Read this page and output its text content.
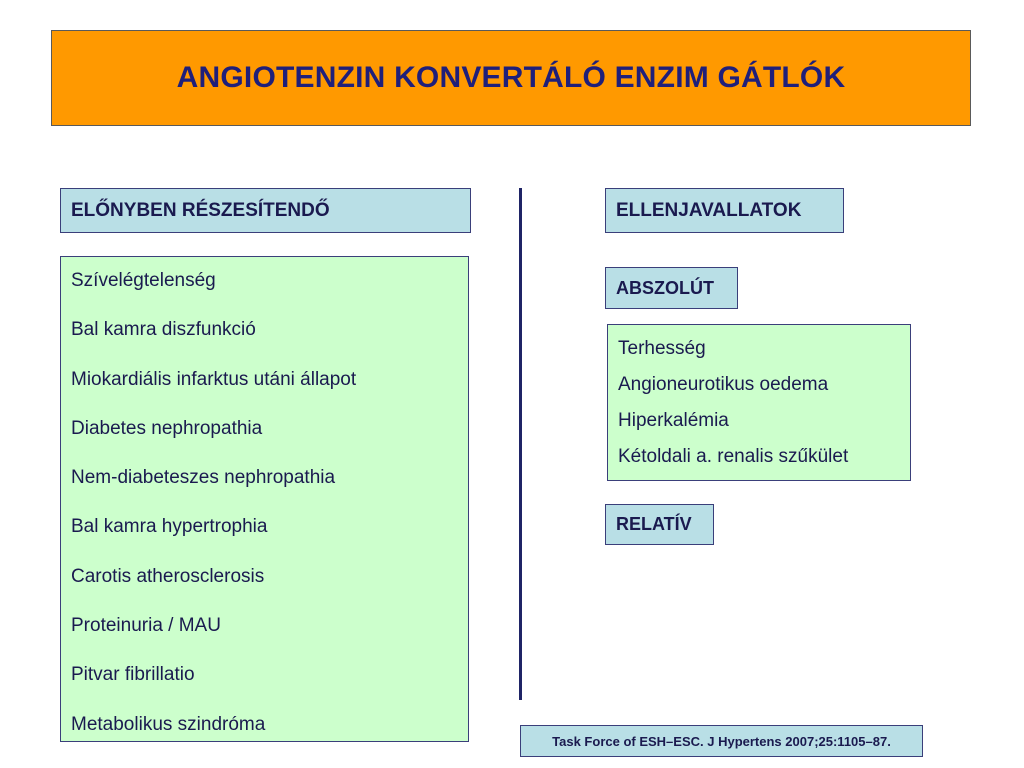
ANGIOTENZIN KONVERTÁLÓ ENZIM GÁTLÓK
ELŐNYBEN RÉSZESÍTENDŐ
Szívelégtelenség
Bal kamra diszfunkció
Miokardiális infarktus utáni állapot
Diabetes nephropathia
Nem-diabeteszes nephropathia
Bal kamra hypertrophia
Carotis atherosclerosis
Proteinuria / MAU
Pitvar fibrillatio
Metabolikus szindróma
ELLENJAVALLATOK
ABSZOLÚT
Terhesség
Angioneurotikus oedema
Hiperkalémia
Kétoldali a. renalis szűkület
RELATÍV
Task Force of ESH–ESC. J Hypertens 2007;25:1105–87.
